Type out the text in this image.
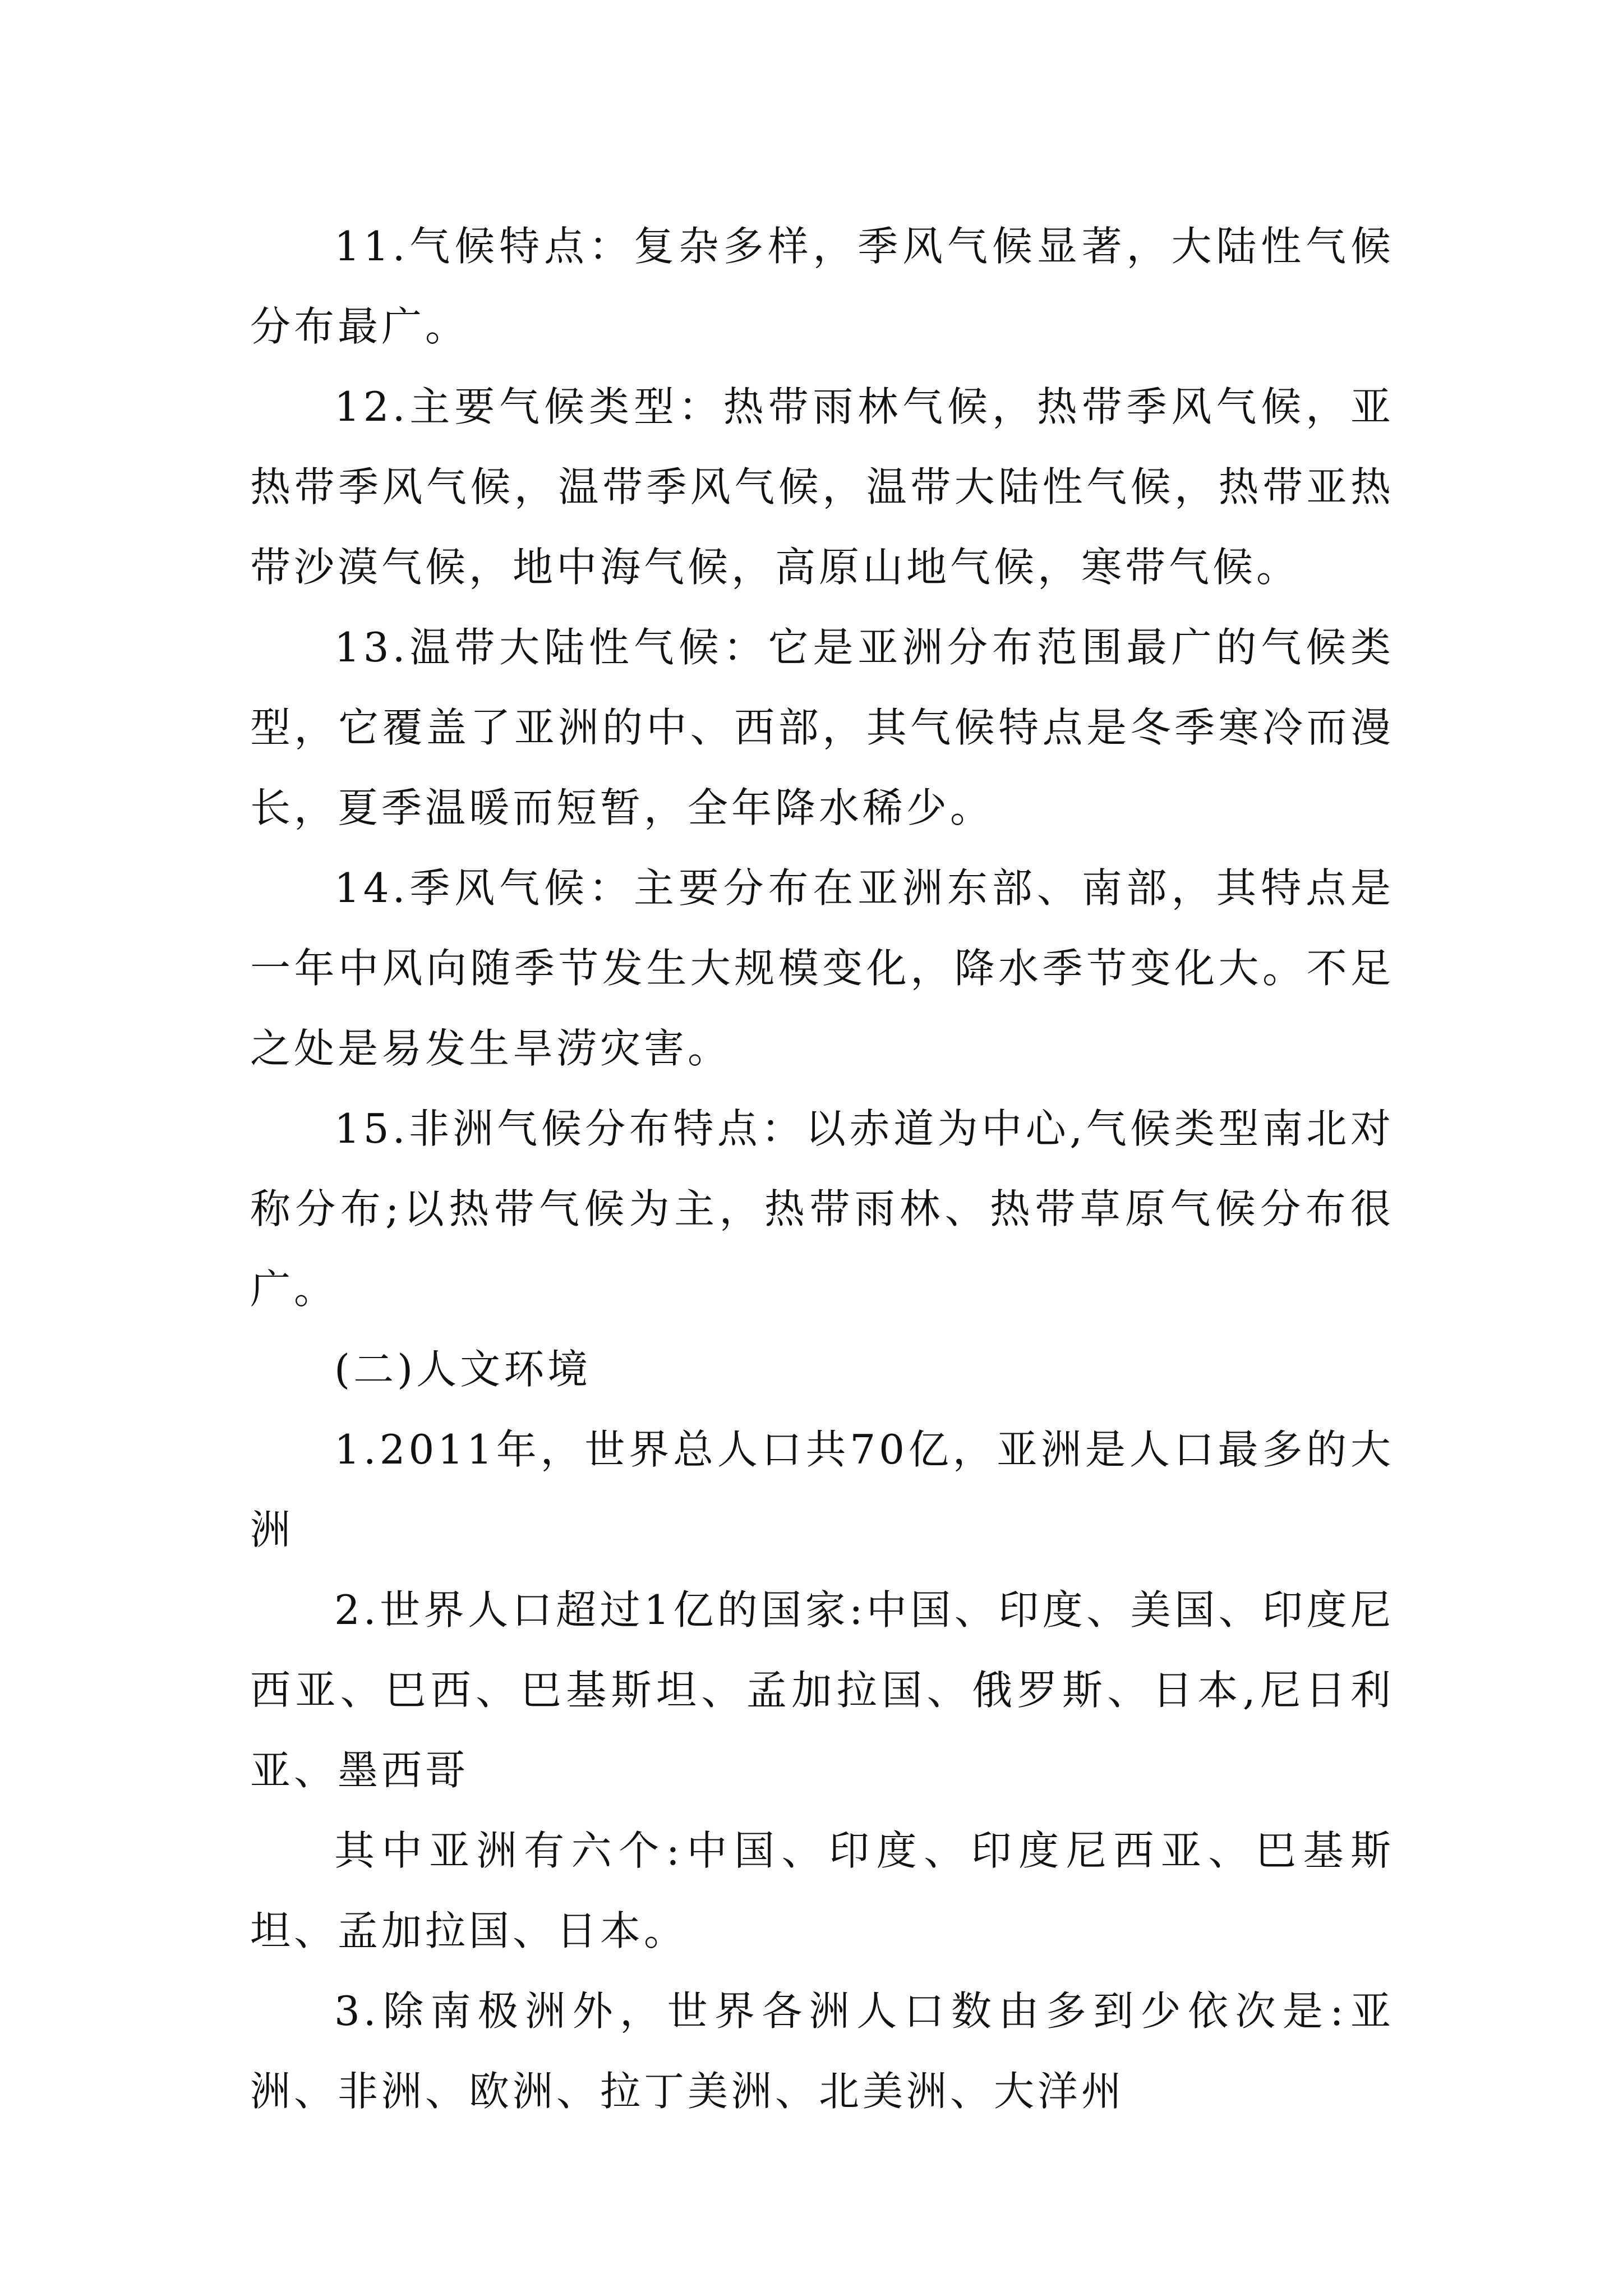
11.气候特点：复杂多样，季风气候显著，大陆性气候分布最广。

12.主要气候类型：热带雨林气候，热带季风气候，亚热带季风气候，温带季风气候，温带大陆性气候，热带亚热带沙漠气候，地中海气候，高原山地气候，寒带气候。

13.温带大陆性气候：它是亚洲分布范围最广的气候类型，它覆盖了亚洲的中、西部，其气候特点是冬季寒冷而漫长，夏季温暖而短暂，全年降水稀少。

14.季风气候：主要分布在亚洲东部、南部，其特点是一年中风向随季节发生大规模变化，降水季节变化大。不足之处是易发生旱涝灾害。

15.非洲气候分布特点：以赤道为中心,气候类型南北对称分布;以热带气候为主，热带雨林、热带草原气候分布很广。

(二)人文环境

1.2011年，世界总人口共70亿，亚洲是人口最多的大洲

2.世界人口超过1亿的国家:中国、印度、美国、印度尼西亚、巴西、巴基斯坦、孟加拉国、俄罗斯、日本,尼日利亚、墨西哥

其中亚洲有六个:中国、印度、印度尼西亚、巴基斯坦、孟加拉国、日本。

3.除南极洲外，世界各洲人口数由多到少依次是:亚洲、非洲、欧洲、拉丁美洲、北美洲、大洋州
